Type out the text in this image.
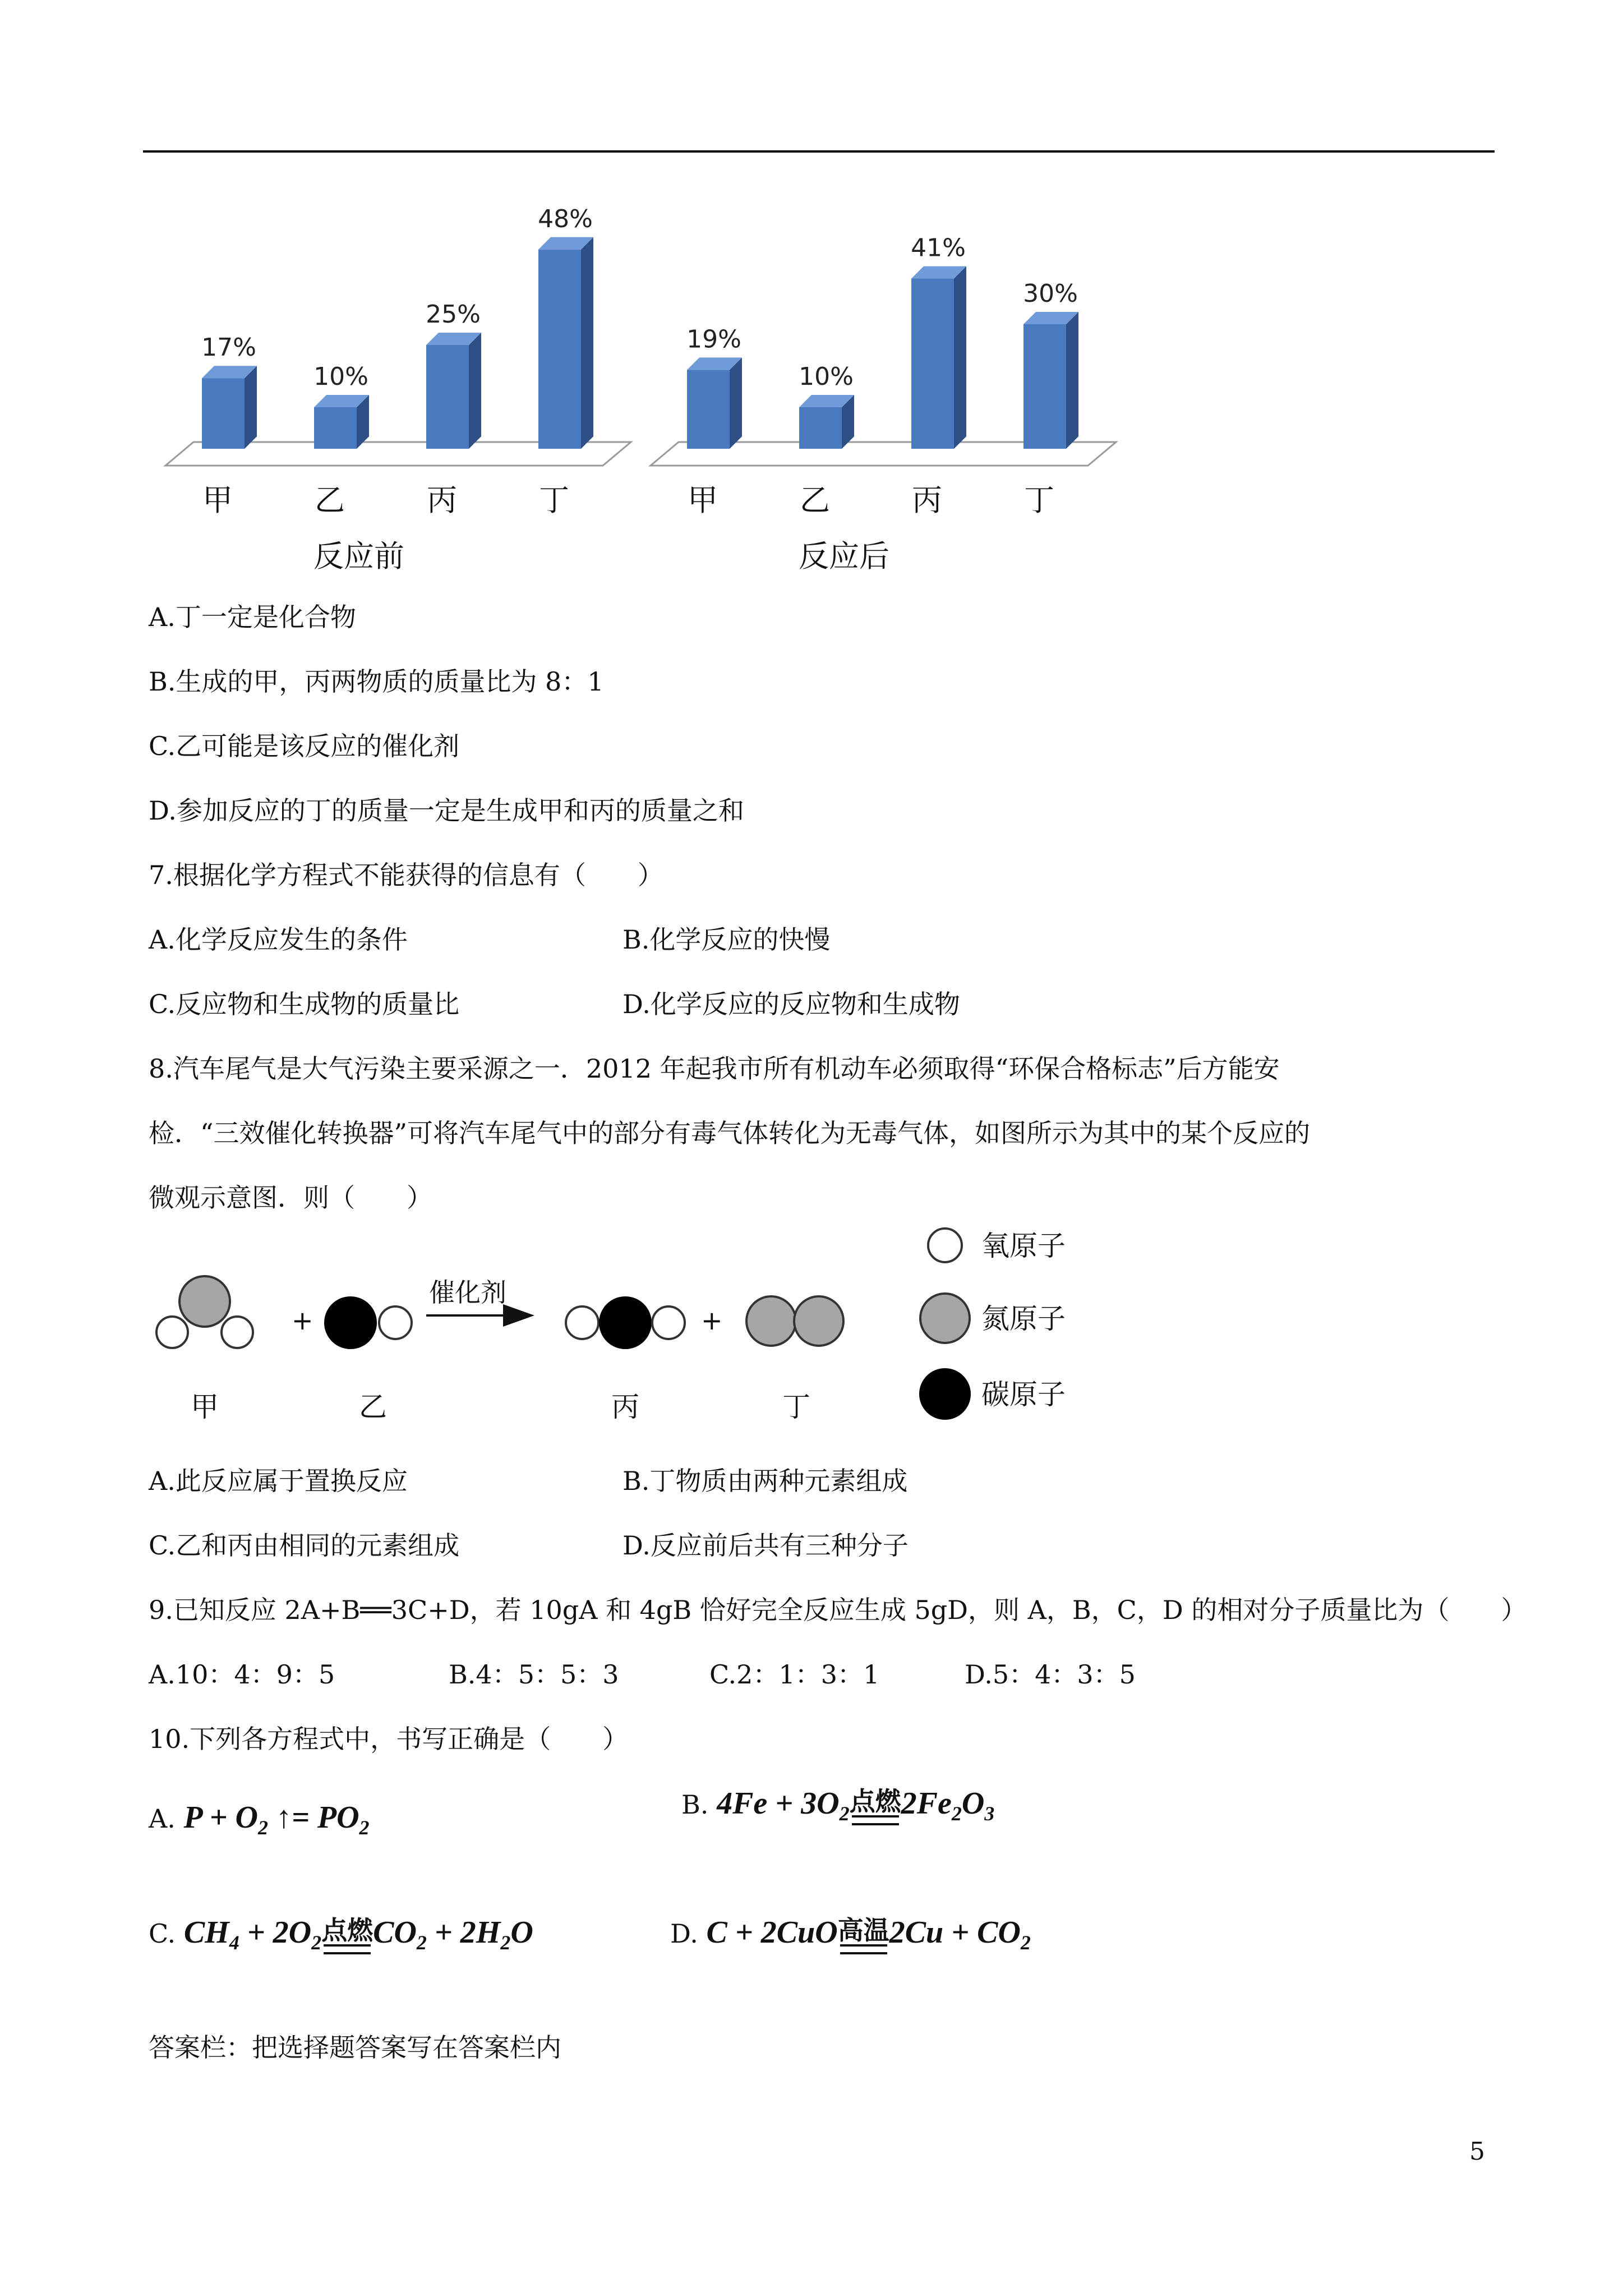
17%
甲
10%
乙
25%
丙
48%
丁
反应前
19%
甲
10%
乙
41%
丙
30%
丁
反应后
A.丁一定是化合物
B.生成的甲，丙两物质的质量比为 8：1
C.乙可能是该反应的催化剂
D.参加反应的丁的质量一定是生成甲和丙的质量之和
7.根据化学方程式不能获得的信息有（　　）
A.化学反应发生的条件	B.化学反应的快慢
C.反应物和生成物的质量比	D.化学反应的反应物和生成物
8.汽车尾气是大气污染主要采源之一．2012 年起我市所有机动车必须取得“环保合格标志”后方能安
检．“三效催化转换器”可将汽车尾气中的部分有毒气体转化为无毒气体，如图所示为其中的某个反应的
微观示意图．则（　　）
+
催化剂
+
甲	乙	丙	丁
氧原子
氮原子
碳原子
A.此反应属于置换反应	B.丁物质由两种元素组成
C.乙和丙由相同的元素组成	D.反应前后共有三种分子
9.已知反应 2A+B══3C+D，若 10gA 和 4gB 恰好完全反应生成 5gD，则 A，B，C，D 的相对分子质量比为（　　）
A.10：4：9：5	B.4：5：5：3	C.2：1：3：1	D.5：4：3：5
10.下列各方程式中，书写正确是（　　）
A. $P + O_2$ ↑= $PO_2$
B. $4Fe + 3O_2$ 点燃 $2Fe_2O_3$
C. $CH_4 + 2O_2$ 点燃 $CO_2 + 2H_2O$	D. C + 2CuO 高温 $2Cu + CO_2$
答案栏：把选择题答案写在答案栏内
5
